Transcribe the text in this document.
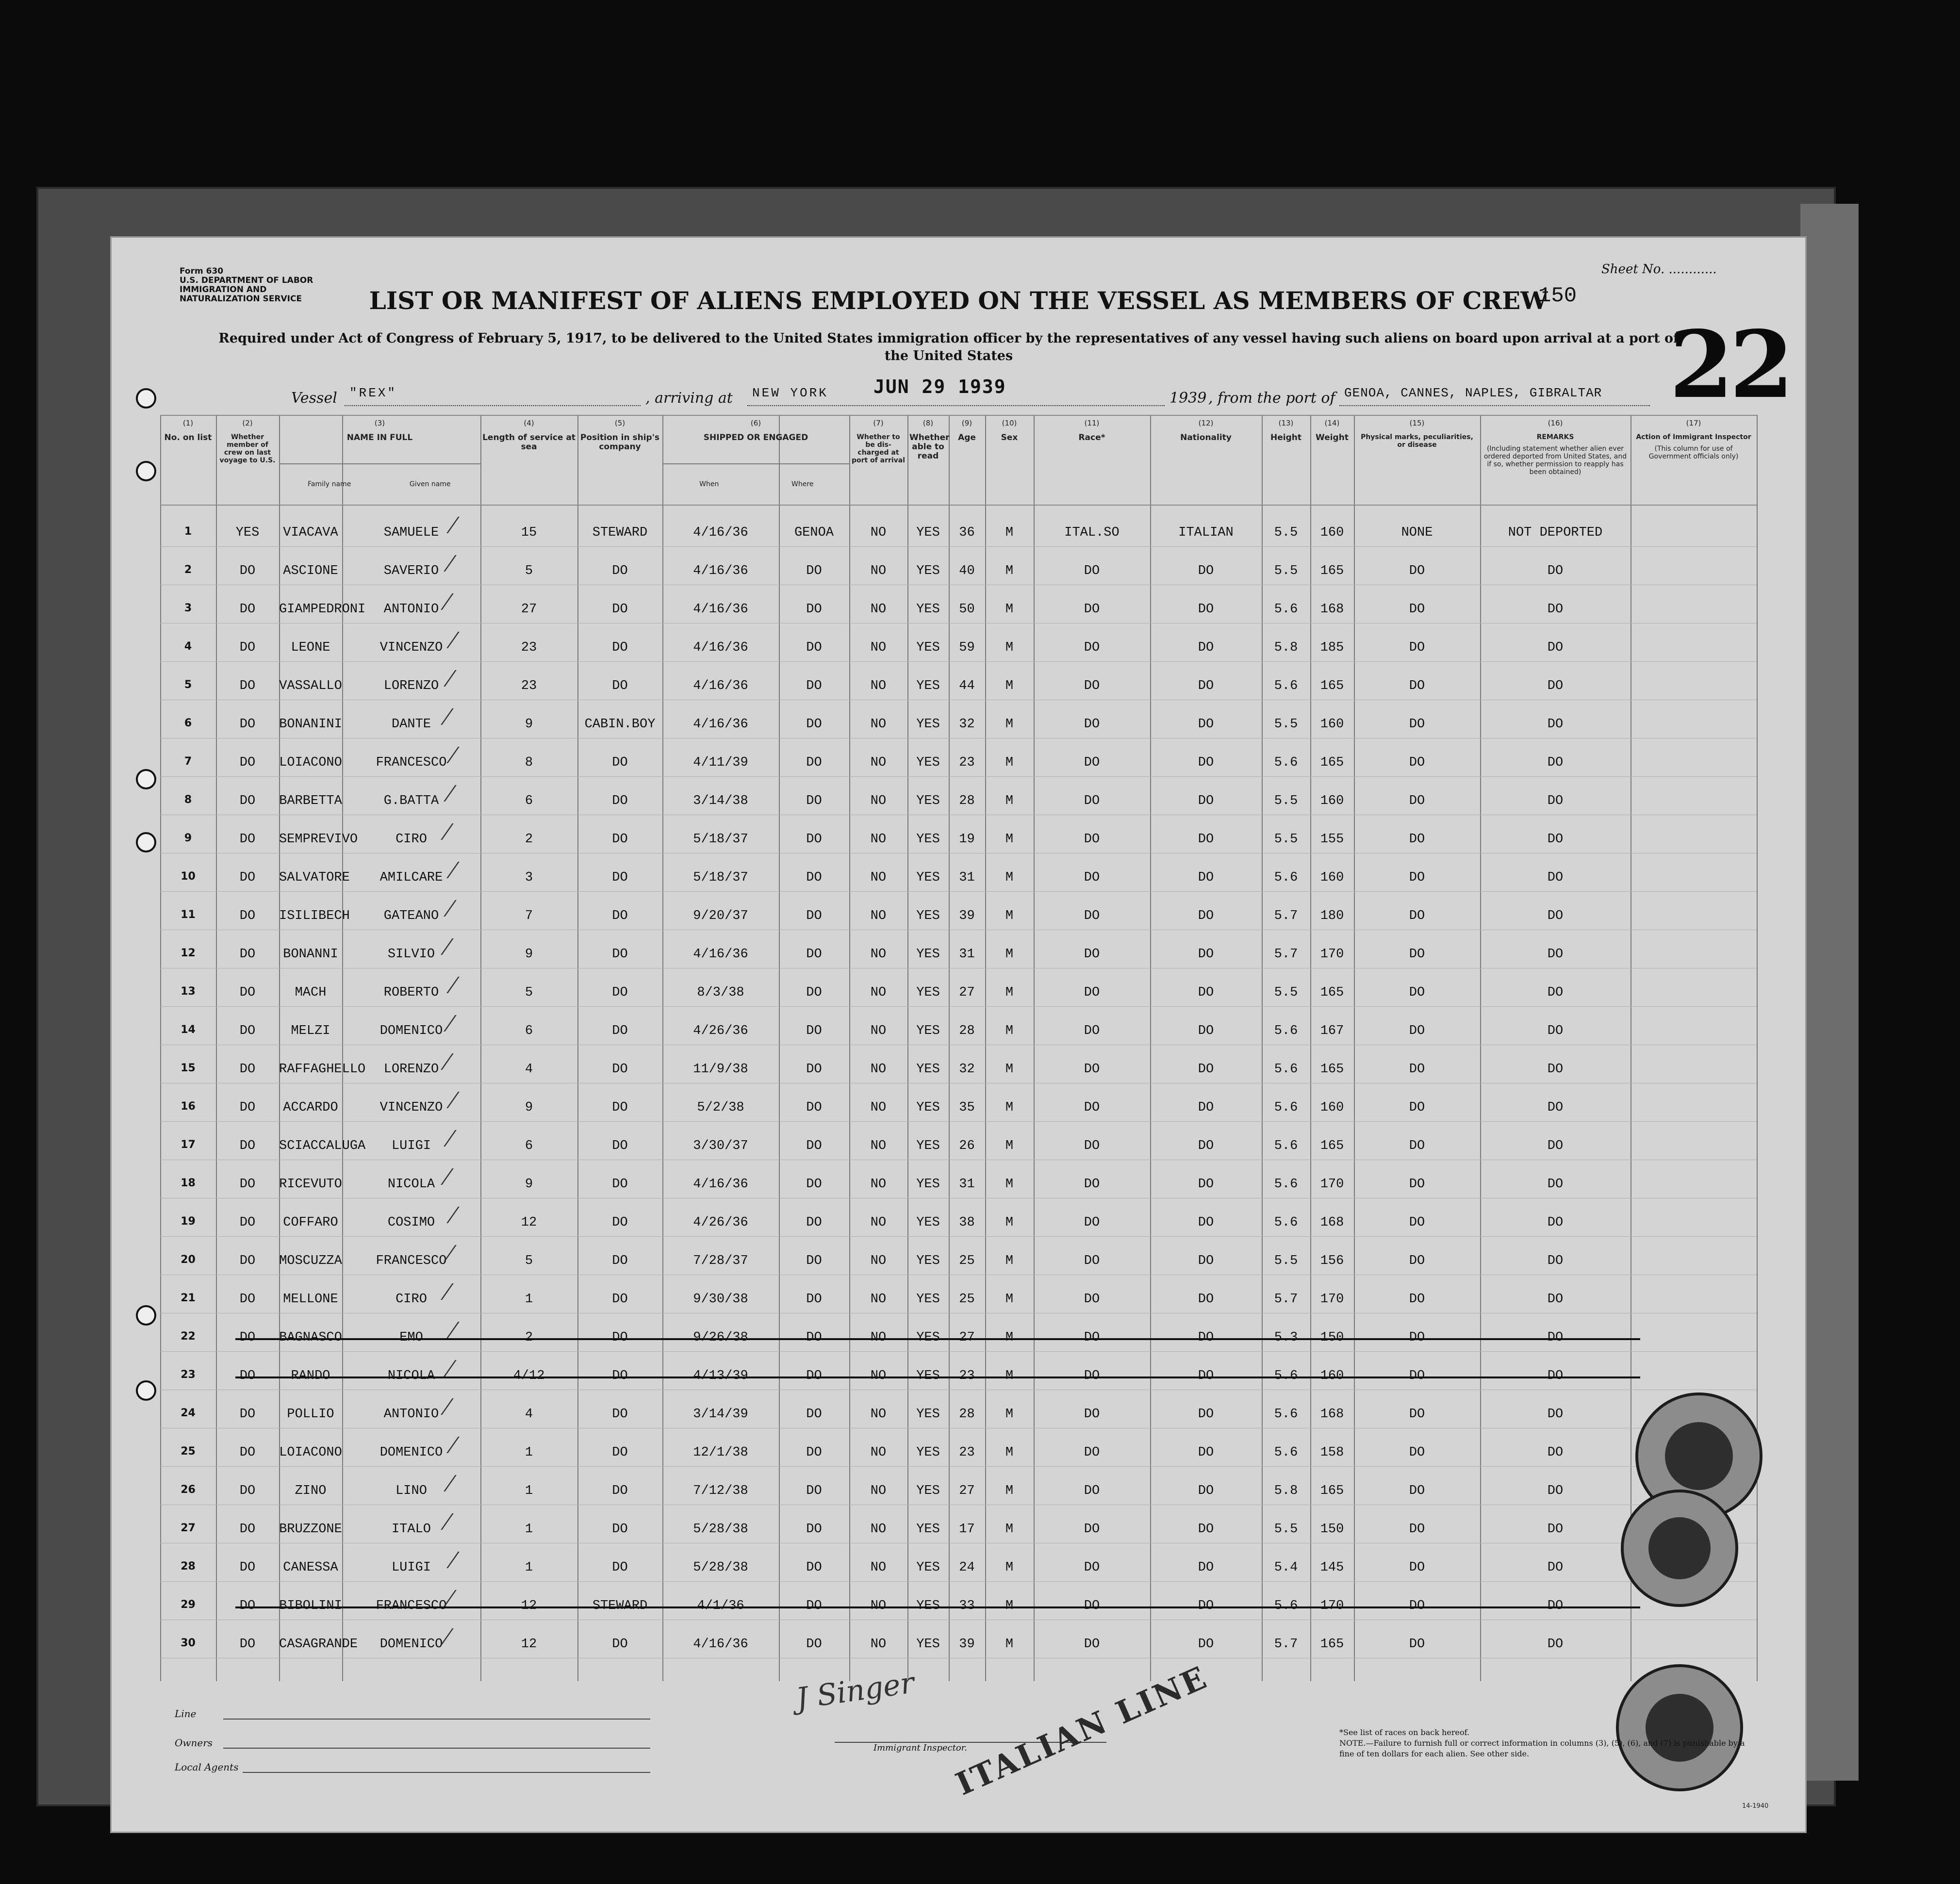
Form 630
U.S. DEPARTMENT OF LABOR
IMMIGRATION AND NATURALIZATION SERVICE
Sheet No. ............
LIST OR MANIFEST OF ALIENS EMPLOYED ON THE VESSEL AS MEMBERS OF CREW
150
22
Required under Act of Congress of February 5, 1917, to be delivered to the United States immigration officer by the representatives of any vessel having such aliens on board upon arrival at a port of the United States
Vessel "REX"	, arriving at NEW YORK JUN 29 1939
1939 , from the port of GENOA, CANNES, NAPLES, GIBRALTAR
(1)
No. on list
(2)
Whether member of crew on last voyage to U.S.
(3)
NAME IN FULL
Family name	Given name
(4)
Length of service at sea
(5)
Position in ship's company
(6)
SHIPPED OR ENGAGED
When	Where
(7)
Whether to be dis-charged at port of arrival
(8)
Whether able to read
(9)
Age
(10)
Sex
(11)
Race*
(12)
Nationality
(13)
Height
(14)
Weight
(15)
Physical marks, peculiarities, or disease
(16)
REMARKS
(Including statement whether alien ever ordered deported from United States, and if so, whether permission to reapply has been obtained)
(17)
Action of Immigrant Inspector
(This column for use of Government officials only)
1	YES	VIACAVA	SAMUELE	15	STEWARD	4/16/36	GENOA	NO	YES	36	M	ITAL.SO	ITALIAN	5.5	160	NONE	NOT DEPORTED
2	DO	ASCIONE	SAVERIO	5	DO	4/16/36	DO	NO	YES	40	M	DO	DO	5.5	165	DO	DO
3	DO	GIAMPEDRONI	ANTONIO	27	DO	4/16/36	DO	NO	YES	50	M	DO	DO	5.6	168	DO	DO
4	DO	LEONE	VINCENZO	23	DO	4/16/36	DO	NO	YES	59	M	DO	DO	5.8	185	DO	DO
5	DO	VASSALLO	LORENZO	23	DO	4/16/36	DO	NO	YES	44	M	DO	DO	5.6	165	DO	DO
6	DO	BONANINI	DANTE	9	CABIN.BOY	4/16/36	DO	NO	YES	32	M	DO	DO	5.5	160	DO	DO
7	DO	LOIACONO	FRANCESCO	8	DO	4/11/39	DO	NO	YES	23	M	DO	DO	5.6	165	DO	DO
8	DO	BARBETTA	G.BATTA	6	DO	3/14/38	DO	NO	YES	28	M	DO	DO	5.5	160	DO	DO
9	DO	SEMPREVIVO	CIRO	2	DO	5/18/37	DO	NO	YES	19	M	DO	DO	5.5	155	DO	DO
10	DO	SALVATORE	AMILCARE	3	DO	5/18/37	DO	NO	YES	31	M	DO	DO	5.6	160	DO	DO
11	DO	ISILIBECH	GATEANO	7	DO	9/20/37	DO	NO	YES	39	M	DO	DO	5.7	180	DO	DO
12	DO	BONANNI	SILVIO	9	DO	4/16/36	DO	NO	YES	31	M	DO	DO	5.7	170	DO	DO
13	DO	MACH	ROBERTO	5	DO	8/3/38	DO	NO	YES	27	M	DO	DO	5.5	165	DO	DO
14	DO	MELZI	DOMENICO	6	DO	4/26/36	DO	NO	YES	28	M	DO	DO	5.6	167	DO	DO
15	DO	RAFFAGHELLO	LORENZO	4	DO	11/9/38	DO	NO	YES	32	M	DO	DO	5.6	165	DO	DO
16	DO	ACCARDO	VINCENZO	9	DO	5/2/38	DO	NO	YES	35	M	DO	DO	5.6	160	DO	DO
17	DO	SCIACCALUGA	LUIGI	6	DO	3/30/37	DO	NO	YES	26	M	DO	DO	5.6	165	DO	DO
18	DO	RICEVUTO	NICOLA	9	DO	4/16/36	DO	NO	YES	31	M	DO	DO	5.6	170	DO	DO
19	DO	COFFARO	COSIMO	12	DO	4/26/36	DO	NO	YES	38	M	DO	DO	5.6	168	DO	DO
20	DO	MOSCUZZA	FRANCESCO	5	DO	7/28/37	DO	NO	YES	25	M	DO	DO	5.5	156	DO	DO
21	DO	MELLONE	CIRO	1	DO	9/30/38	DO	NO	YES	25	M	DO	DO	5.7	170	DO	DO
22	DO	BAGNASCO	EMO	2	DO	9/26/38	DO	NO	YES	27	M	DO	DO	5.3	150	DO	DO
23	DO	RANDO	NICOLA	4/12	DO	4/13/39	DO	NO	YES	23	M	DO	DO	5.6	160	DO	DO
24	DO	POLLIO	ANTONIO	4	DO	3/14/39	DO	NO	YES	28	M	DO	DO	5.6	168	DO	DO
25	DO	LOIACONO	DOMENICO	1	DO	12/1/38	DO	NO	YES	23	M	DO	DO	5.6	158	DO	DO
26	DO	ZINO	LINO	1	DO	7/12/38	DO	NO	YES	27	M	DO	DO	5.8	165	DO	DO
27	DO	BRUZZONE	ITALO	1	DO	5/28/38	DO	NO	YES	17	M	DO	DO	5.5	150	DO	DO
28	DO	CANESSA	LUIGI	1	DO	5/28/38	DO	NO	YES	24	M	DO	DO	5.4	145	DO	DO
29	DO	BIBOLINI	FRANCESCO	12	STEWARD	4/1/36	DO	NO	YES	33	M	DO	DO	5.6	170	DO	DO
30	DO	CASAGRANDE	DOMENICO	12	DO	4/16/36	DO	NO	YES	39	M	DO	DO	5.7	165	DO	DO
Line
Owners
Local Agents
Immigrant Inspector.
*See list of races on back hereof.
NOTE.—Failure to furnish full or correct information in columns (3), (5), (6), and (7) is punishable by a fine of ten dollars for each alien. See other side.
14-1940
J Singer ITALIAN LINE
